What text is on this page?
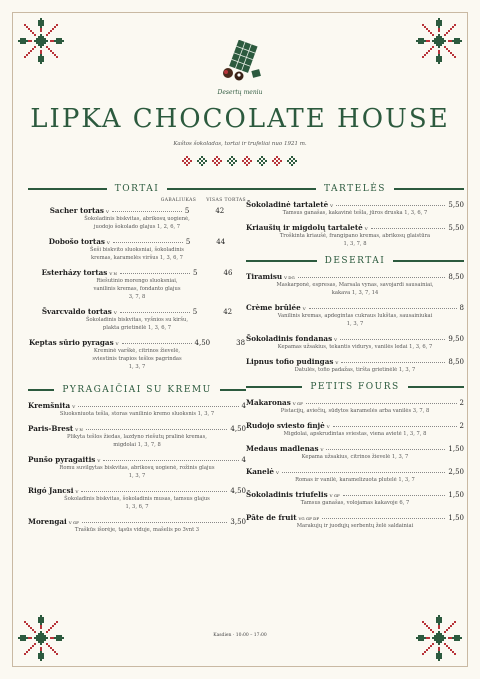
Desertų meniu
LIPKA CHOCOLATE HOUSE
Kaštos šokoladas, tortai ir trufeliai nuo 1921 m.
TORTAI
GABALIUKAS VISAS TORTAS
Sacher tortas V	5	42
Šokoladinis biskvitas, abrikosų uogienė,
juodojo šokolado glajus 1, 2, 6, 7
Dobošo tortas V	5	44
Šeši biskvito sluoksniai, šokoladinis
kremas, karamelės viršus 1, 3, 6, 7
Esterházy tortas V N	5	46
Riešutinio morengo sluoksniai,
vanilinis kremas, fondanto glajus
3, 7, 8
Švarcvaldo tortas V	5	42
Šokoladinis biskvitas, vyšnios su kiršu,
plakta grietinėlė 1, 3, 6, 7
Keptas sūrio pyragas V	4,50	38
Kreminė varškė, citrinos žievelė,
sviestinis trapios tešlos pagrindas
1, 3, 7
PYRAGAIČIAI SU KREMU
Kremšnita V	4
Sluoksniuota tešla, storas vanilinio kremo sluoksnis 1, 3, 7
Paris-Brest V N	4,50
Plikyta tešlos žiedas, lazdyno riešutų pralinė kremas,
migdolai 1, 3, 7, 8
Punšo pyragaitis V	4
Romu suvilgytas biskvitas, abrikosų uogienė, rožinis glajus
1, 3, 7
Rigó Jancsi V	4,50
Šokoladinis biskvitas, šokoladinis musas, tamsus glajus
1, 3, 6, 7
Morengai V GF	3,50
Traškūs išorėje, tąsūs viduje, mašelis po 3vnt 3
TARTELĖS
Šokoladinė tartaletė V	5,50
Tamsus ganašas, kakavinė tešla, jūros druska 1, 3, 6, 7
Kriaušių ir migdolų tartaletė V	5,50
Troškinta kriaušė, frangipano kremas, abrikosų glaistūra
1, 3, 7, 8
DESERTAI
Tiramisu V DG	8,50
Maskarponė, espresas, Marsala vynas, savojardi sausainiai,
kakava 1, 3, 7, 14
Crème brûlée V	8
Vanilinis kremas, apdegintas cukraus lukštas, sausainiukai
1, 3, 7
Šokoladinis fondanas V	9,50
Kepamas užsakius, tekantis vidurys, vanilės ledai 1, 3, 6, 7
Lipnus tofio pudingas V	8,50
Datulės, tofio padažas, tiršta grietinėlė 1, 3, 7
PETITS FOURS
Makaronas V GF	2
Pistacijų, aviečių, sūdytos karamelės arba vanilės 3, 7, 8
Rudojo sviesto finjė V	2
Migdolai, apskrudintas sviestas, viena avietė 1, 3, 7, 8
Medaus madlenas V	1,50
Kepama užsakius, citrinos žievelė 1, 3, 7
Kanelė V	2,50
Romas ir vanilė, karamelizuota plutelė 1, 3, 7
Šokoladinis triufelis V GF	1,50
Tamsus ganašas, volojamas kakavoje 6, 7
Pâte de fruit VG GF DF	1,50
Marakujų ir juodųjų serbentų želė saldainiai
Kasdien · 10:00 – 17:00
